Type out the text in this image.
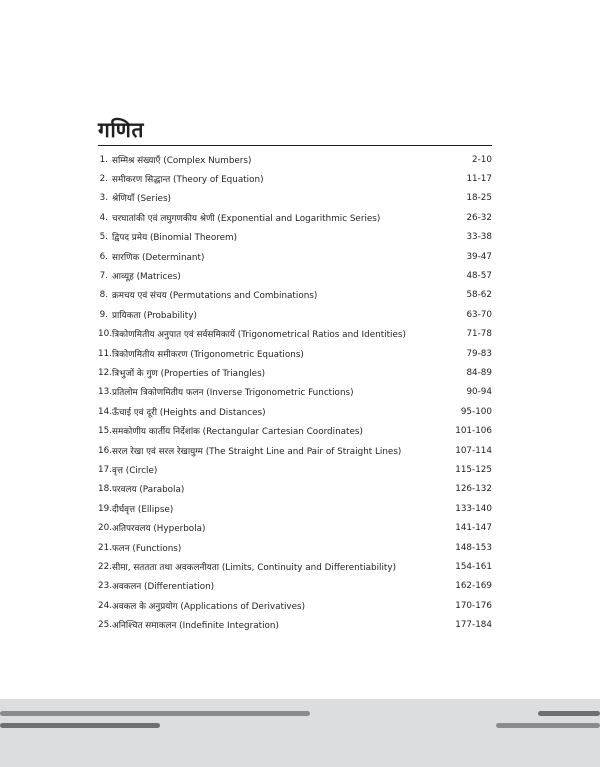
गणित
1. सम्मिश्र संख्याएँ (Complex Numbers)	2-10
2. समीकरण सिद्धान्त (Theory of Equation)	11-17
3. श्रेणियाँ (Series)	18-25
4. चरघातांकी एवं लघुगणकीय श्रेणी (Exponential and Logarithmic Series)	26-32
5. द्विपद प्रमेय (Binomial Theorem)	33-38
6. सारणिक (Determinant)	39-47
7. आव्यूह (Matrices)	48-57
8. क्रमचय एवं संचय (Permutations and Combinations)	58-62
9. प्रायिकता (Probability)	63-70
10. त्रिकोणमितीय अनुपात एवं सर्वसमिकायें (Trigonometrical Ratios and Identities)	71-78
11. त्रिकोणमितीय समीकरण (Trigonometric Equations)	79-83
12. त्रिभुजों के गुण (Properties of Triangles)	84-89
13. प्रतिलोम त्रिकोणमितीय फलन (Inverse Trigonometric Functions)	90-94
14. ऊँचाई एवं दूरी (Heights and Distances)	95-100
15. समकोणीय कार्तीय निर्देशांक (Rectangular Cartesian Coordinates)	101-106
16. सरल रेखा एवं सरल रेखायुग्म (The Straight Line and Pair of Straight Lines)	107-114
17. वृत्त (Circle)	115-125
18. परवलय (Parabola)	126-132
19. दीर्घवृत्त (Ellipse)	133-140
20. अतिपरवलय (Hyperbola)	141-147
21. फलन (Functions)	148-153
22. सीमा, सततता तथा अवकलनीयता (Limits, Continuity and Differentiability)	154-161
23. अवकलन (Differentiation)	162-169
24. अवकल के अनुप्रयोग (Applications of Derivatives)	170-176
25. अनिश्चित समाकलन (Indefinite Integration)	177-184
